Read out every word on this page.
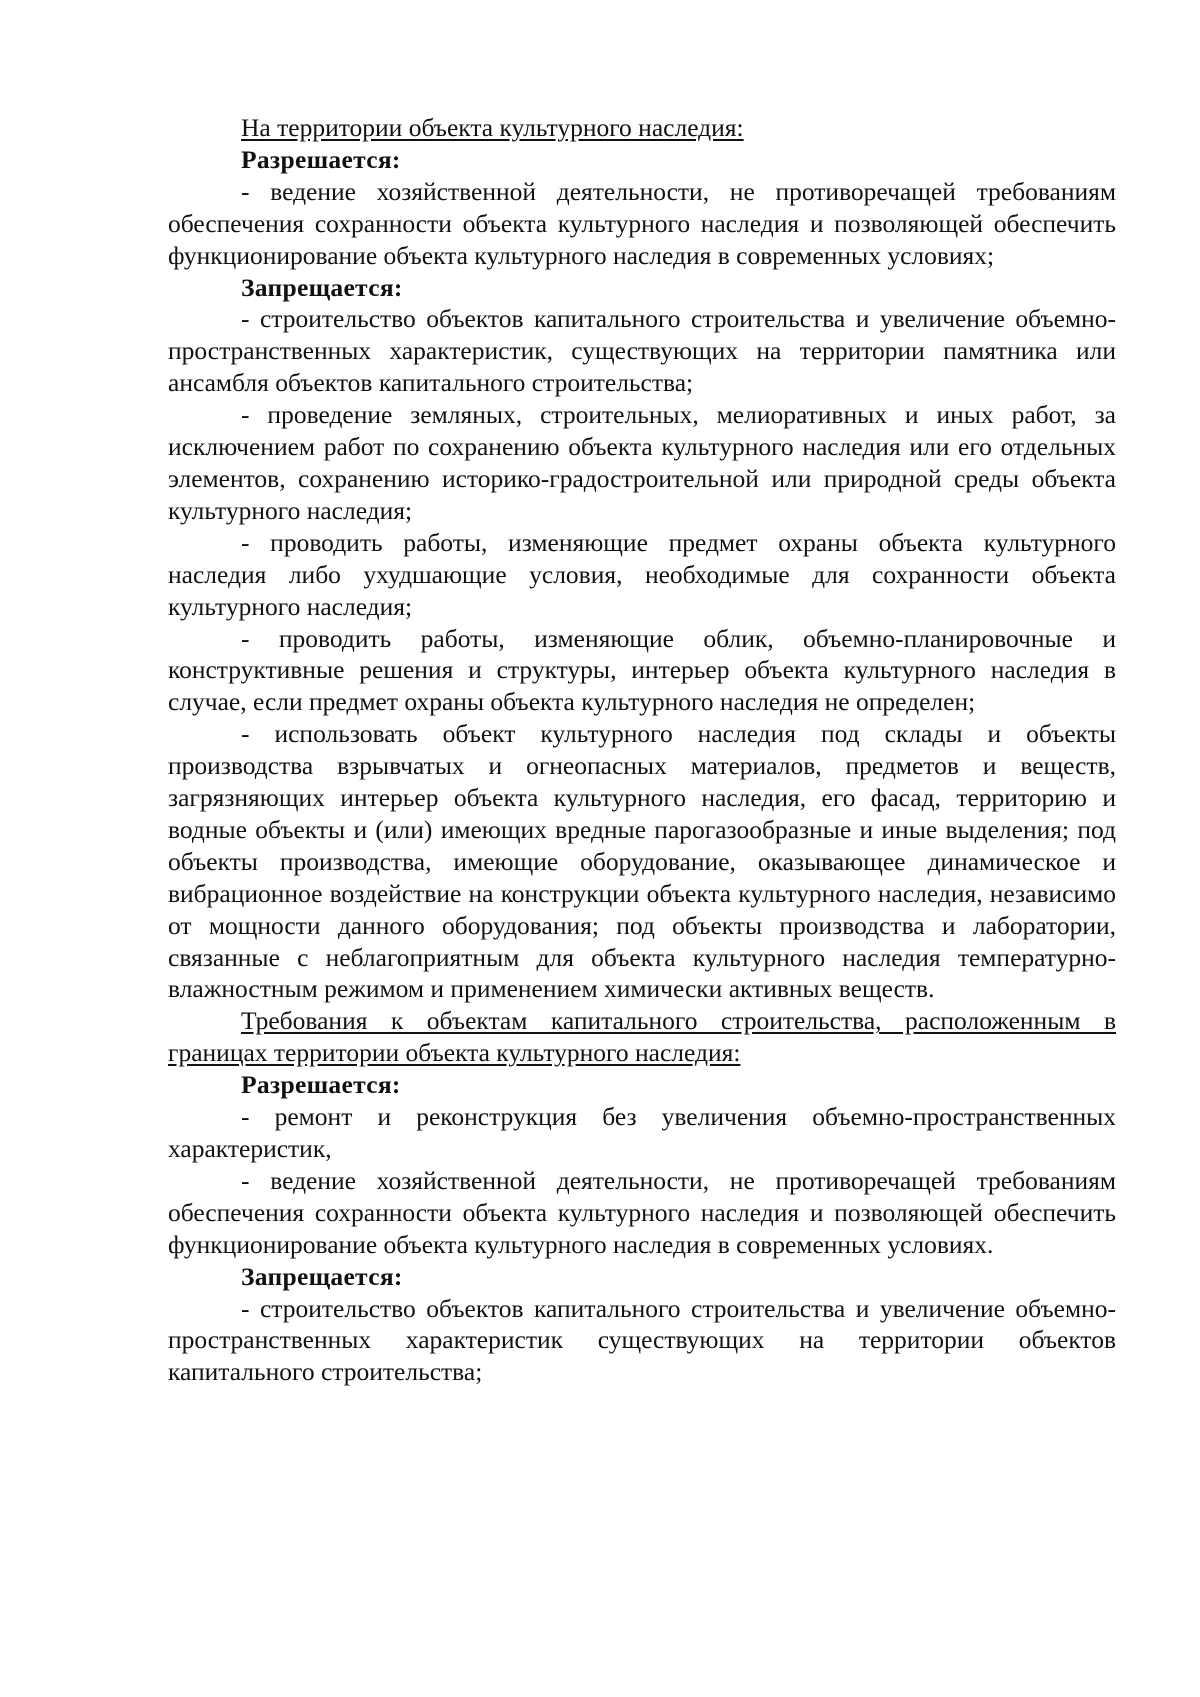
На территории объекта культурного наследия:

Разрешается:

- ведение хозяйственной деятельности, не противоречащей требованиям обеспечения сохранности объекта культурного наследия и позволяющей обеспечить функционирование объекта культурного наследия в современных условиях;

Запрещается:

- строительство объектов капитального строительства и увеличение объемно-пространственных характеристик, существующих на территории памятника или ансамбля объектов капитального строительства;

- проведение земляных, строительных, мелиоративных и иных работ, за исключением работ по сохранению объекта культурного наследия или его отдельных элементов, сохранению историко-градостроительной или природной среды объекта культурного наследия;

- проводить работы, изменяющие предмет охраны объекта культурного наследия либо ухудшающие условия, необходимые для сохранности объекта культурного наследия;

- проводить работы, изменяющие облик, объемно-планировочные и конструктивные решения и структуры, интерьер объекта культурного наследия в случае, если предмет охраны объекта культурного наследия не определен;

- использовать объект культурного наследия под склады и объекты производства взрывчатых и огнеопасных материалов, предметов и веществ, загрязняющих интерьер объекта культурного наследия, его фасад, территорию и водные объекты и (или) имеющих вредные парогазообразные и иные выделения; под объекты производства, имеющие оборудование, оказывающее динамическое и вибрационное воздействие на конструкции объекта культурного наследия, независимо от мощности данного оборудования; под объекты производства и лаборатории, связанные с неблагоприятным для объекта культурного наследия температурно-влажностным режимом и применением химически активных веществ.

Требования к объектам капитального строительства, расположенным в границах территории объекта культурного наследия:

Разрешается:

- ремонт и реконструкция без увеличения объемно-пространственных характеристик,

- ведение хозяйственной деятельности, не противоречащей требованиям обеспечения сохранности объекта культурного наследия и позволяющей обеспечить функционирование объекта культурного наследия в современных условиях.

Запрещается:

- строительство объектов капитального строительства и увеличение объемно-пространственных характеристик существующих на территории объектов капитального строительства;
